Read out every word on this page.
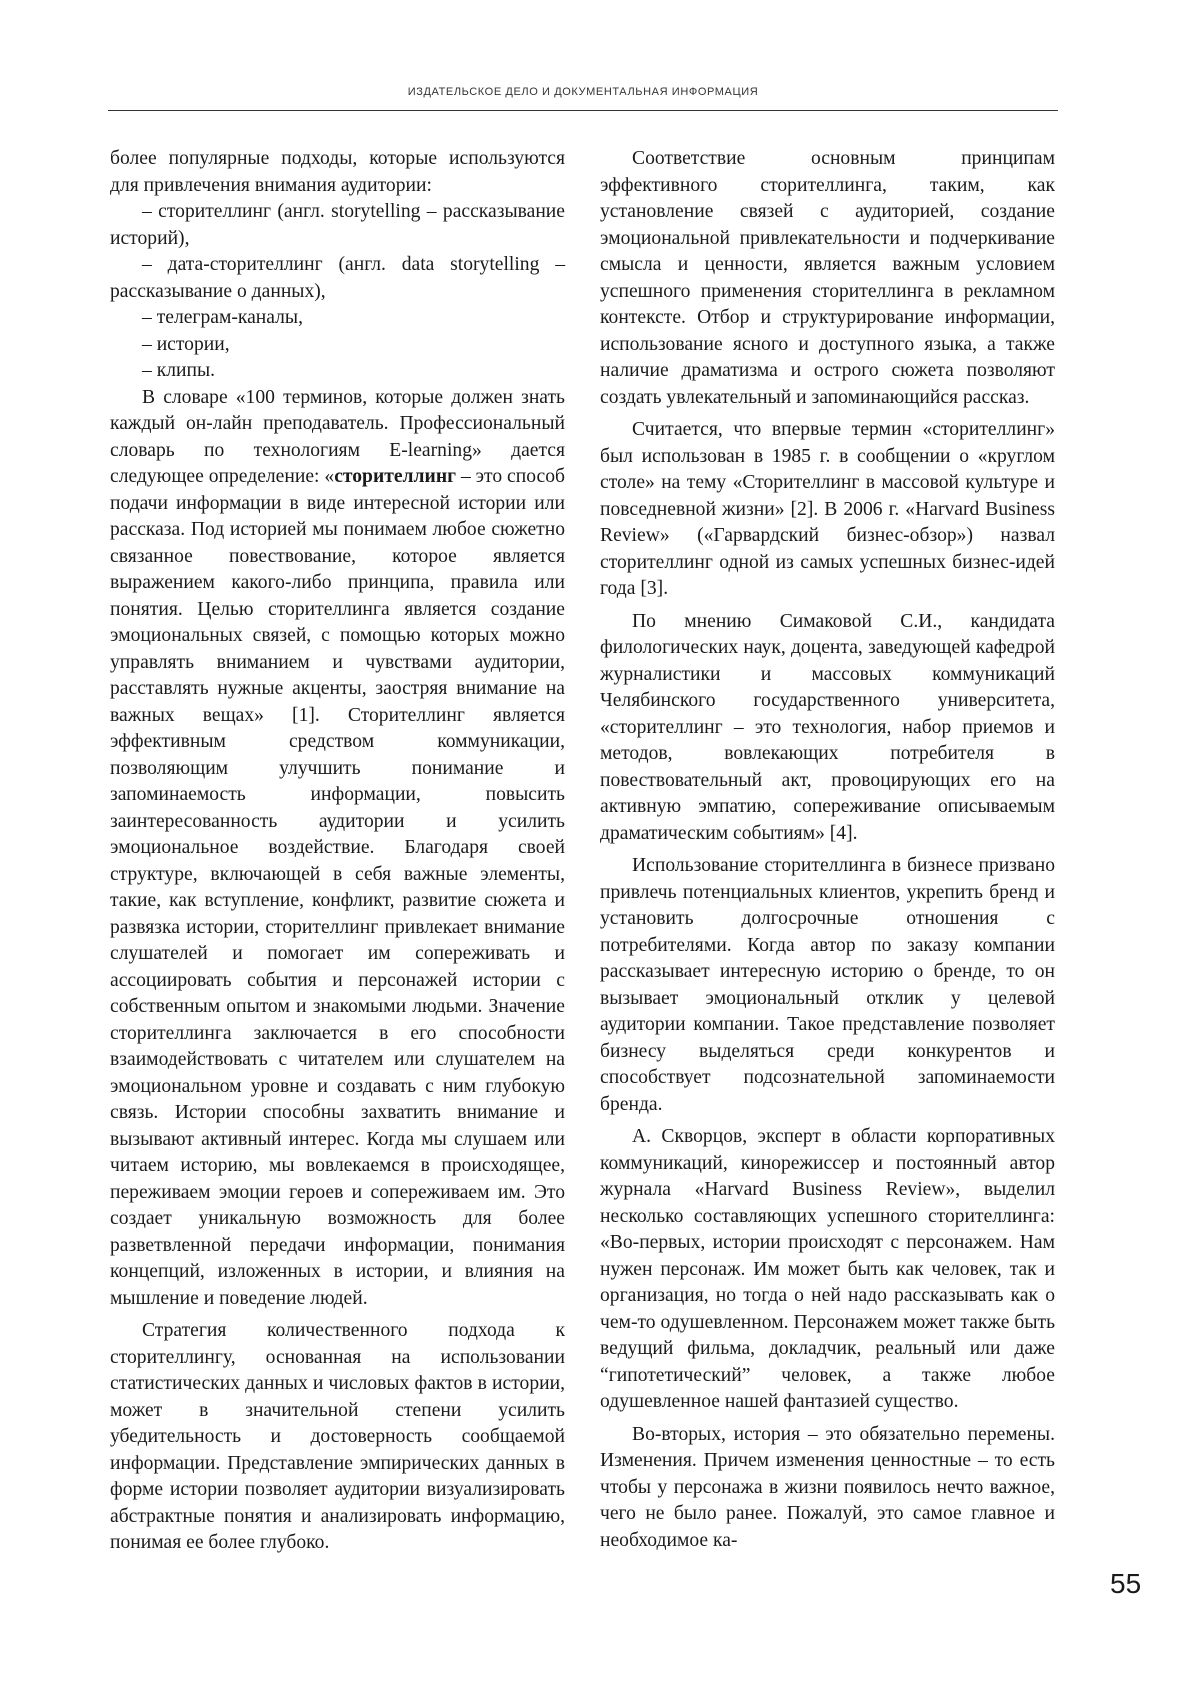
ИЗДАТЕЛЬСКОЕ ДЕЛО И ДОКУМЕНТАЛЬНАЯ ИНФОРМАЦИЯ

более популярные подходы, которые используются для привлечения внимания аудитории:

– сторителлинг (англ. storytelling – рассказывание историй),

– дата-сторителлинг (англ. data storytelling – рассказывание о данных),

– телеграм-каналы,

– истории,

– клипы.

В словаре «100 терминов, которые должен знать каждый он-лайн преподаватель. Профессиональный словарь по технологиям E-learning» дается следующее определение: «сторителлинг – это способ подачи информации в виде интересной истории или рассказа. Под историей мы понимаем любое сюжетно связанное повествование, которое является выражением какого-либо принципа, правила или понятия. Целью сторителлинга является создание эмоциональных связей, с помощью которых можно управлять вниманием и чувствами аудитории, расставлять нужные акценты, заостряя внимание на важных вещах» [1]. Сторителлинг является эффективным средством коммуникации, позволяющим улучшить понимание и запоминаемость информации, повысить заинтересованность аудитории и усилить эмоциональное воздействие. Благодаря своей структуре, включающей в себя важные элементы, такие, как вступление, конфликт, развитие сюжета и развязка истории, сторителлинг привлекает внимание слушателей и помогает им сопереживать и ассоциировать события и персонажей истории с собственным опытом и знакомыми людьми. Значение сторителлинга заключается в его способности взаимодействовать с читателем или слушателем на эмоциональном уровне и создавать с ним глубокую связь. Истории способны захватить внимание и вызывают активный интерес. Когда мы слушаем или читаем историю, мы вовлекаемся в происходящее, переживаем эмоции героев и сопереживаем им. Это создает уникальную возможность для более разветвленной передачи информации, понимания концепций, изложенных в истории, и влияния на мышление и поведение людей.

Стратегия количественного подхода к сторителлингу, основанная на использовании статистических данных и числовых фактов в истории, может в значительной степени усилить убедительность и достоверность сообщаемой информации. Представление эмпирических данных в форме истории позволяет аудитории визуализировать абстрактные понятия и анализировать информацию, понимая ее более глубоко.

Соответствие основным принципам эффективного сторителлинга, таким, как установление связей с аудиторией, создание эмоциональной привлекательности и подчеркивание смысла и ценности, является важным условием успешного применения сторителлинга в рекламном контексте. Отбор и структурирование информации, использование ясного и доступного языка, а также наличие драматизма и острого сюжета позволяют создать увлекательный и запоминающийся рассказ.

Считается, что впервые термин «сторителлинг» был использован в 1985 г. в сообщении о «круглом столе» на тему «Сторителлинг в массовой культуре и повседневной жизни» [2]. В 2006 г. «Harvard Business Review» («Гарвардский бизнес-обзор») назвал сторителлинг одной из самых успешных бизнес-идей года [3].

По мнению Симаковой С.И., кандидата филологических наук, доцента, заведующей кафедрой журналистики и массовых коммуникаций Челябинского государственного университета, «сторителлинг – это технология, набор приемов и методов, вовлекающих потребителя в повествовательный акт, провоцирующих его на активную эмпатию, сопереживание описываемым драматическим событиям» [4].

Использование сторителлинга в бизнесе призвано привлечь потенциальных клиентов, укрепить бренд и установить долгосрочные отношения с потребителями. Когда автор по заказу компании рассказывает интересную историю о бренде, то он вызывает эмоциональный отклик у целевой аудитории компании. Такое представление позволяет бизнесу выделяться среди конкурентов и способствует подсознательной запоминаемости бренда.

А. Скворцов, эксперт в области корпоративных коммуникаций, кинорежиссер и постоянный автор журнала «Harvard Business Review», выделил несколько составляющих успешного сторителлинга: «Во-первых, истории происходят с персонажем. Нам нужен персонаж. Им может быть как человек, так и организация, но тогда о ней надо рассказывать как о чем-то одушевленном. Персонажем может также быть ведущий фильма, докладчик, реальный или даже “гипотетический” человек, а также любое одушевленное нашей фантазией существо.

Во-вторых, история – это обязательно перемены. Изменения. Причем изменения ценностные – то есть чтобы у персонажа в жизни появилось нечто важное, чего не было ранее. Пожалуй, это самое главное и необходимое ка-

55
